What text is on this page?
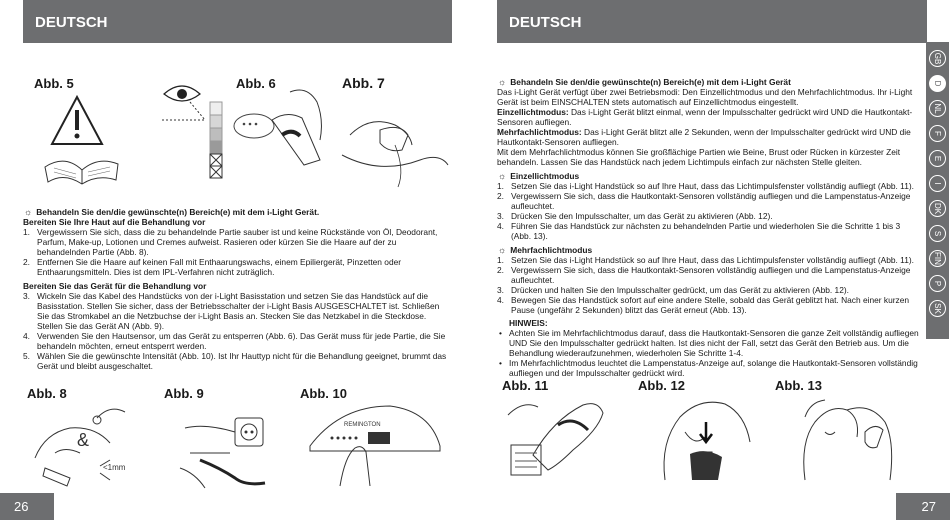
DEUTSCH
Abb. 5	Abb. 6	Abb. 7
☼ Behandeln Sie den/die gewünschte(n) Bereich(e) mit dem i-Light Gerät.
Bereiten Sie Ihre Haut auf die Behandlung vor
1. Vergewissern Sie sich, dass die zu behandelnde Partie sauber ist und keine Rückstände von Öl, Deodorant, Parfum, Make-up, Lotionen und Cremes aufweist. Rasieren oder kürzen Sie die Haare auf der zu behandelnden Partie (Abb. 8).
2. Entfernen Sie die Haare auf keinen Fall mit Enthaarungswachs, einem Epiliergerät, Pinzetten oder Enthaarungsmitteln. Dies ist dem IPL-Verfahren nicht zuträglich.
Bereiten Sie das Gerät für die Behandlung vor
3. Wickeln Sie das Kabel des Handstücks von der i-Light Basisstation und setzen Sie das Handstück auf die Basisstation. Stellen Sie sicher, dass der Betriebsschalter der i-Light Basis AUSGESCHALTET ist. Schließen Sie das Stromkabel an die Netzbuchse der i-Light Basis an. Stecken Sie das Netzkabel in die Steckdose. Stellen Sie das Gerät AN (Abb. 9).
4. Verwenden Sie den Hautsensor, um das Gerät zu entsperren (Abb. 6). Das Gerät muss für jede Partie, die Sie behandeln möchten, erneut entsperrt werden.
5. Wählen Sie die gewünschte Intensität (Abb. 10). Ist Ihr Hauttyp nicht für die Behandlung geeignet, brummt das Gerät und bleibt ausgeschaltet.
Abb. 8
&
<1mm
Abb. 9	Abb. 10
REMINGTON
26
DEUTSCH
☼ Behandeln Sie den/die gewünschte(n) Bereich(e) mit dem i-Light Gerät
Das i-Light Gerät verfügt über zwei Betriebsmodi: Den Einzellichtmodus und den Mehrfachlichtmodus. Ihr i-Light Gerät ist beim EINSCHALTEN stets automatisch auf Einzellichtmodus eingestellt.
Einzellichtmodus: Das i-Light Gerät blitzt einmal, wenn der Impulsschalter gedrückt wird UND die Hautkontakt-Sensoren aufliegen.
Mehrfachlichtmodus: Das i-Light Gerät blitzt alle 2 Sekunden, wenn der Impulsschalter gedrückt wird UND die Hautkontakt-Sensoren aufliegen.
Mit dem Mehrfachlichtmodus können Sie großflächige Partien wie Beine, Brust oder Rücken in kürzester Zeit behandeln. Lassen Sie das Handstück nach jedem Lichtimpuls einfach zur nächsten Stelle gleiten.
☼ Einzellichtmodus
1. Setzen Sie das i-Light Handstück so auf Ihre Haut, dass das Lichtimpulsfenster vollständig aufliegt (Abb. 11).
2. Vergewissern Sie sich, dass die Hautkontakt-Sensoren vollständig aufliegen und die Lampenstatus-Anzeige aufleuchtet.
3. Drücken Sie den Impulsschalter, um das Gerät zu aktivieren (Abb. 12).
4. Führen Sie das Handstück zur nächsten zu behandelnden Partie und wiederholen Sie die Schritte 1 bis 3 (Abb. 13).
☼ Mehrfachlichtmodus
1. Setzen Sie das i-Light Handstück so auf Ihre Haut, dass das Lichtimpulsfenster vollständig aufliegt (Abb. 11).
2. Vergewissern Sie sich, dass die Hautkontakt-Sensoren vollständig aufliegen und die Lampenstatus-Anzeige aufleuchtet.
3. Drücken und halten Sie den Impulsschalter gedrückt, um das Gerät zu aktivieren (Abb. 12).
4. Bewegen Sie das Handstück sofort auf eine andere Stelle, sobald das Gerät geblitzt hat. Nach einer kurzen Pause (ungefähr 2 Sekunden) blitzt das Gerät erneut (Abb. 13).
HINWEIS:
• Achten Sie im Mehrfachlichtmodus darauf, dass die Hautkontakt-Sensoren die ganze Zeit vollständig aufliegen UND Sie den Impulsschalter gedrückt halten. Ist dies nicht der Fall, setzt das Gerät den Betrieb aus. Um die Behandlung wiederaufzunehmen, wiederholen Sie Schritte 1-4.
• Im Mehrfachlichtmodus leuchtet die Lampenstatus-Anzeige auf, solange die Hautkontakt-Sensoren vollständig aufliegen und der Impulsschalter gedrückt wird.
Abb. 11	Abb. 12	Abb. 13
27
GB
D
NL
F
E
I
DK
S
FIN
P
SK
